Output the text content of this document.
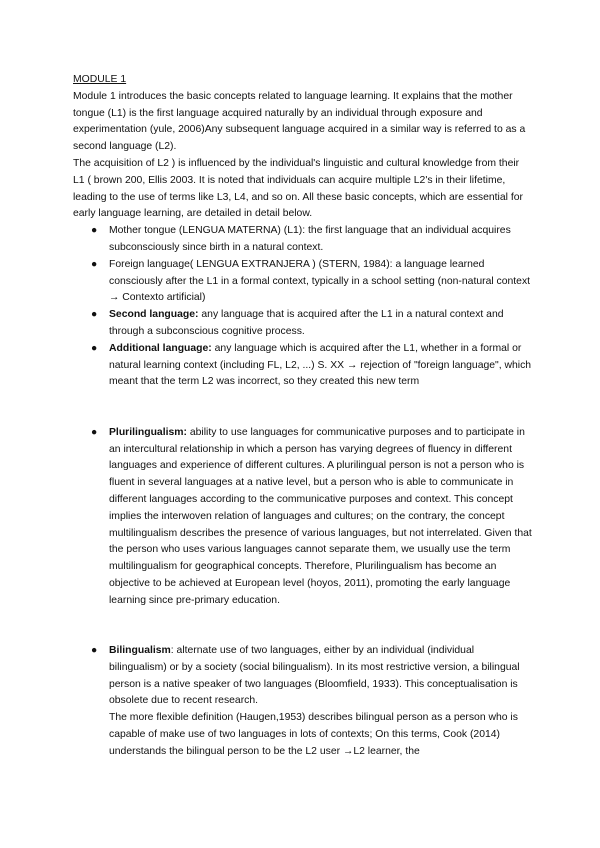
MODULE 1

Module 1 introduces the basic concepts related to language learning. It explains that the mother tongue (L1) is the first language acquired naturally by an individual through exposure and experimentation (yule, 2006)Any subsequent language acquired in a similar way is referred to as a second language (L2).

The acquisition of L2 ) is influenced by the individual's linguistic and cultural knowledge from their L1 ( brown 200, Ellis 2003. It is noted that individuals can acquire multiple L2's in their lifetime, leading to the use of terms like L3, L4, and so on. All these basic concepts, which are essential for early language learning, are detailed in detail below.

●	Mother tongue (LENGUA MATERNA) (L1): the first language that an individual acquires subconsciously since birth in a natural context.
●	Foreign language( LENGUA EXTRANJERA ) (STERN, 1984): a language learned consciously after the L1 in a formal context, typically in a school setting (non-natural context → Contexto artificial)
●	Second language: any language that is acquired after the L1 in a natural context and through a subconscious cognitive process.
●	Additional language: any language which is acquired after the L1, whether in a formal or natural learning context (including FL, L2, ...) S. XX → rejection of "foreign language", which meant that the term L2 was incorrect, so they created this new term
●	Plurilingualism: ability to use languages for communicative purposes and to participate in an intercultural relationship in which a person has varying degrees of fluency in different languages and experience of different cultures. A plurilingual person is not a person who is fluent in several languages at a native level, but a person who is able to communicate in different languages according to the communicative purposes and context. This concept implies the interwoven relation of languages and cultures; on the contrary, the concept multilingualism describes the presence of various languages, but not interrelated. Given that the person who uses various languages cannot separate them, we usually use the term multilingualism for geographical concepts. Therefore, Plurilingualism has become an objective to be achieved at European level (hoyos, 2011), promoting the early language learning since pre-primary education.
●	Bilingualism: alternate use of two languages, either by an individual (individual bilingualism) or by a society (social bilingualism). In its most restrictive version, a bilingual person is a native speaker of two languages (Bloomfield, 1933). This conceptualisation is obsolete due to recent research.

The more flexible definition (Haugen,1953) describes bilingual person as a person who is capable of make use of two languages in lots of contexts; On this terms, Cook (2014) understands the bilingual person to be the L2 user →L2 learner, the
